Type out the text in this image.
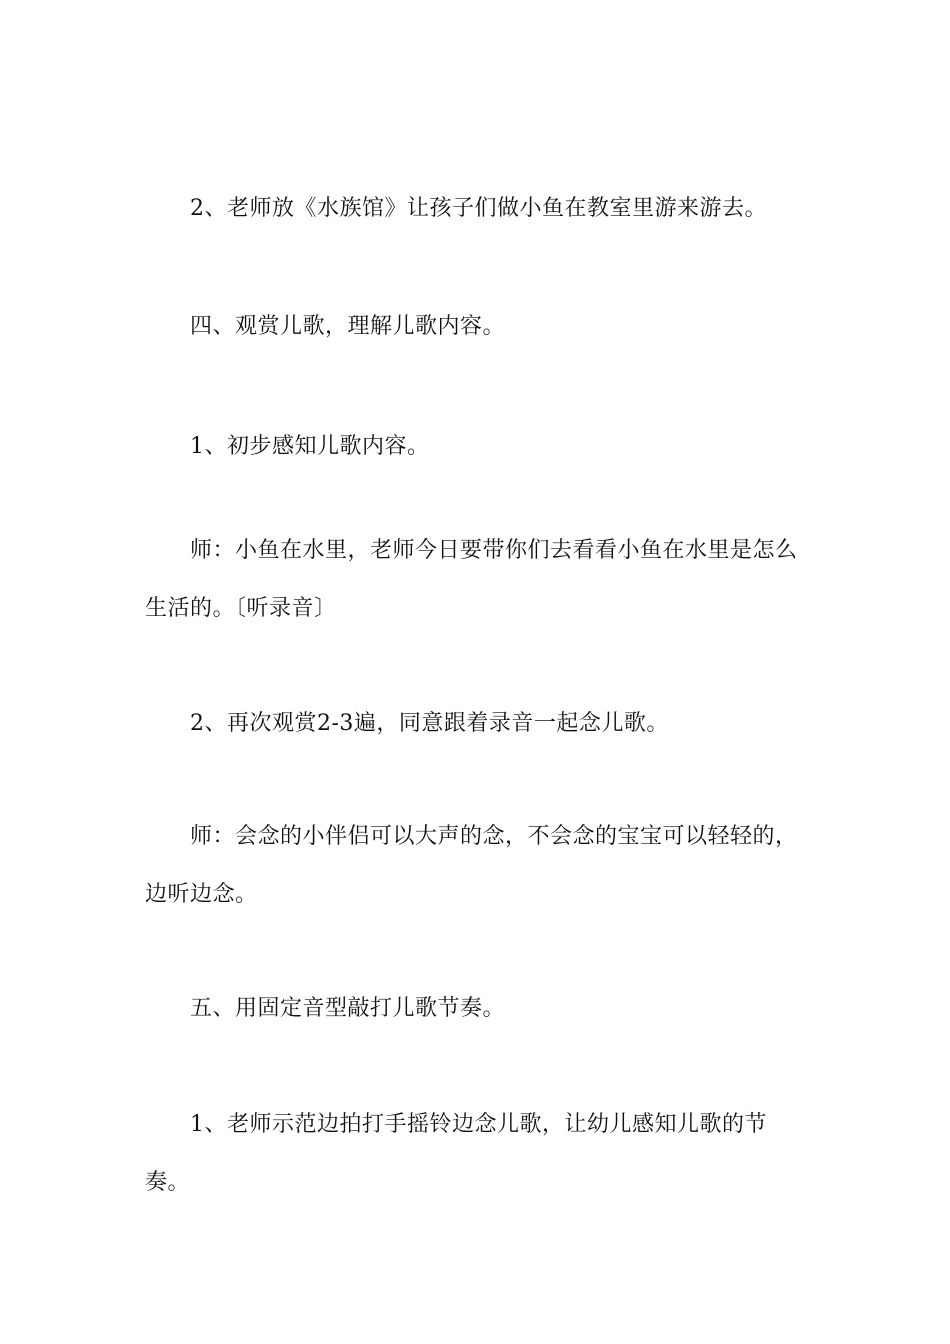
2、老师放《水族馆》让孩子们做小鱼在教室里游来游去。

四、观赏儿歌，理解儿歌内容。

1、初步感知儿歌内容。

师：小鱼在水里，老师今日要带你们去看看小鱼在水里是怎么生活的。〔听录音〕

2、再次观赏2-3遍，同意跟着录音一起念儿歌。

师：会念的小伴侣可以大声的念，不会念的宝宝可以轻轻的，边听边念。

五、用固定音型敲打儿歌节奏。

1、老师示范边拍打手摇铃边念儿歌，让幼儿感知儿歌的节奏。
